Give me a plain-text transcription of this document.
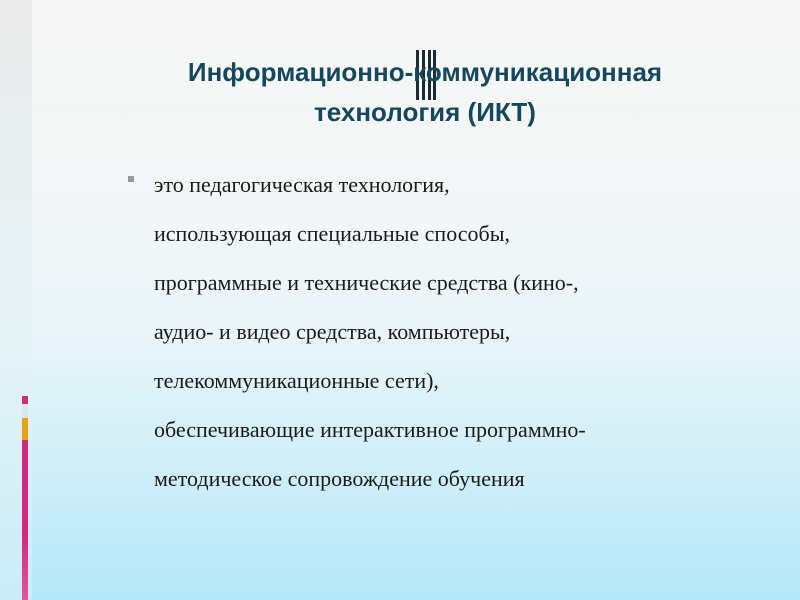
Информационно-коммуникационная
технология (ИКТ)
это педагогическая технология,
использующая специальные способы,
программные и технические средства (кино-,
аудио- и видео средства, компьютеры,
телекоммуникационные сети),
обеспечивающие интерактивное программно-
методическое сопровождение обучения
